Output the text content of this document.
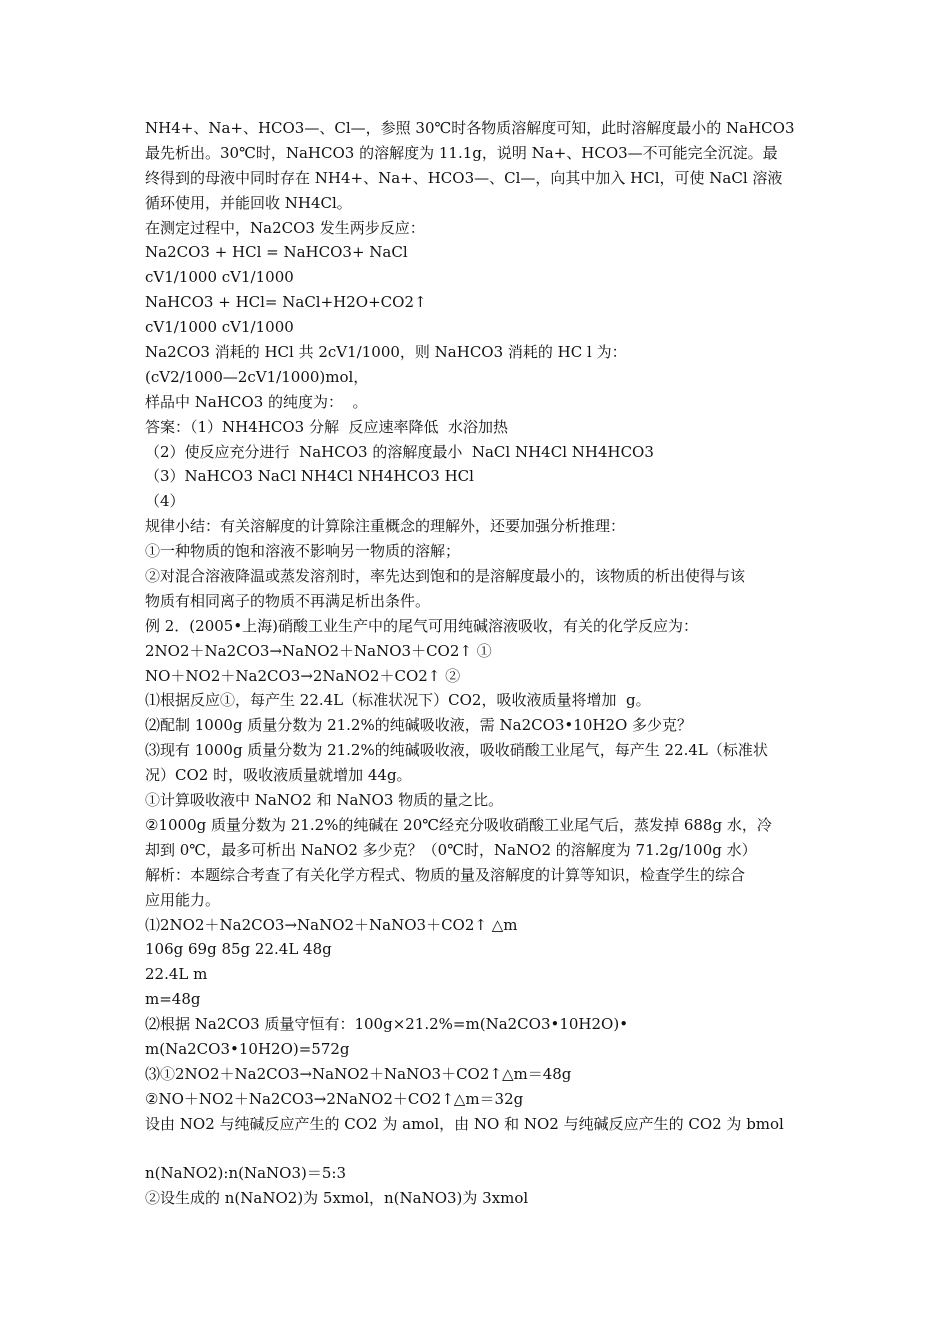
NH4+、Na+、HCO3—、Cl—，参照 30℃时各物质溶解度可知，此时溶解度最小的 NaHCO3
最先析出。30℃时，NaHCO3 的溶解度为 11.1g，说明 Na+、HCO3—不可能完全沉淀。最
终得到的母液中同时存在 NH4+、Na+、HCO3—、Cl—，向其中加入 HCl，可使 NaCl 溶液
循环使用，并能回收 NH4Cl。
在测定过程中，Na2CO3 发生两步反应：
Na2CO3 + HCl = NaHCO3+ NaCl
cV1/1000 cV1/1000
NaHCO3 + HCl= NaCl+H2O+CO2↑
cV1/1000 cV1/1000
Na2CO3 消耗的 HCl 共 2cV1/1000，则 NaHCO3 消耗的 HC l 为：
(cV2/1000—2cV1/1000)mol，
样品中 NaHCO3 的纯度为：  。
答案：（1）NH4HCO3 分解  反应速率降低  水浴加热
（2）使反应充分进行  NaHCO3 的溶解度最小  NaCl NH4Cl NH4HCO3
（3）NaHCO3 NaCl NH4Cl NH4HCO3 HCl
（4）
规律小结：有关溶解度的计算除注重概念的理解外，还要加强分析推理：
①一种物质的饱和溶液不影响另一物质的溶解；
②对混合溶液降温或蒸发溶剂时，率先达到饱和的是溶解度最小的，该物质的析出使得与该
物质有相同离子的物质不再满足析出条件。
例 2．(2005•上海)硝酸工业生产中的尾气可用纯碱溶液吸收，有关的化学反应为：
2NO2＋Na2CO3→NaNO2＋NaNO3＋CO2↑ ①
NO＋NO2＋Na2CO3→2NaNO2＋CO2↑ ②
⑴根据反应①，每产生 22.4L（标准状况下）CO2，吸收液质量将增加  g。
⑵配制 1000g 质量分数为 21.2%的纯碱吸收液，需 Na2CO3•10H2O 多少克？
⑶现有 1000g 质量分数为 21.2%的纯碱吸收液，吸收硝酸工业尾气，每产生 22.4L（标准状
况）CO2 时，吸收液质量就增加 44g。
①计算吸收液中 NaNO2 和 NaNO3 物质的量之比。
②1000g 质量分数为 21.2%的纯碱在 20℃经充分吸收硝酸工业尾气后，蒸发掉 688g 水，冷
却到 0℃，最多可析出 NaNO2 多少克？（0℃时，NaNO2 的溶解度为 71.2g/100g 水）
解析：本题综合考查了有关化学方程式、物质的量及溶解度的计算等知识，检查学生的综合
应用能力。
⑴2NO2＋Na2CO3→NaNO2＋NaNO3＋CO2↑ △m
106g 69g 85g 22.4L 48g
22.4L m
m=48g
⑵根据 Na2CO3 质量守恒有：100g×21.2%=m(Na2CO3•10H2O)•
m(Na2CO3•10H2O)=572g
⑶①2NO2＋Na2CO3→NaNO2＋NaNO3＋CO2↑△m＝48g
②NO＋NO2＋Na2CO3→2NaNO2＋CO2↑△m＝32g
设由 NO2 与纯碱反应产生的 CO2 为 amol，由 NO 和 NO2 与纯碱反应产生的 CO2 为 bmol
n(NaNO2):n(NaNO3)＝5:3
②设生成的 n(NaNO2)为 5xmol，n(NaNO3)为 3xmol
